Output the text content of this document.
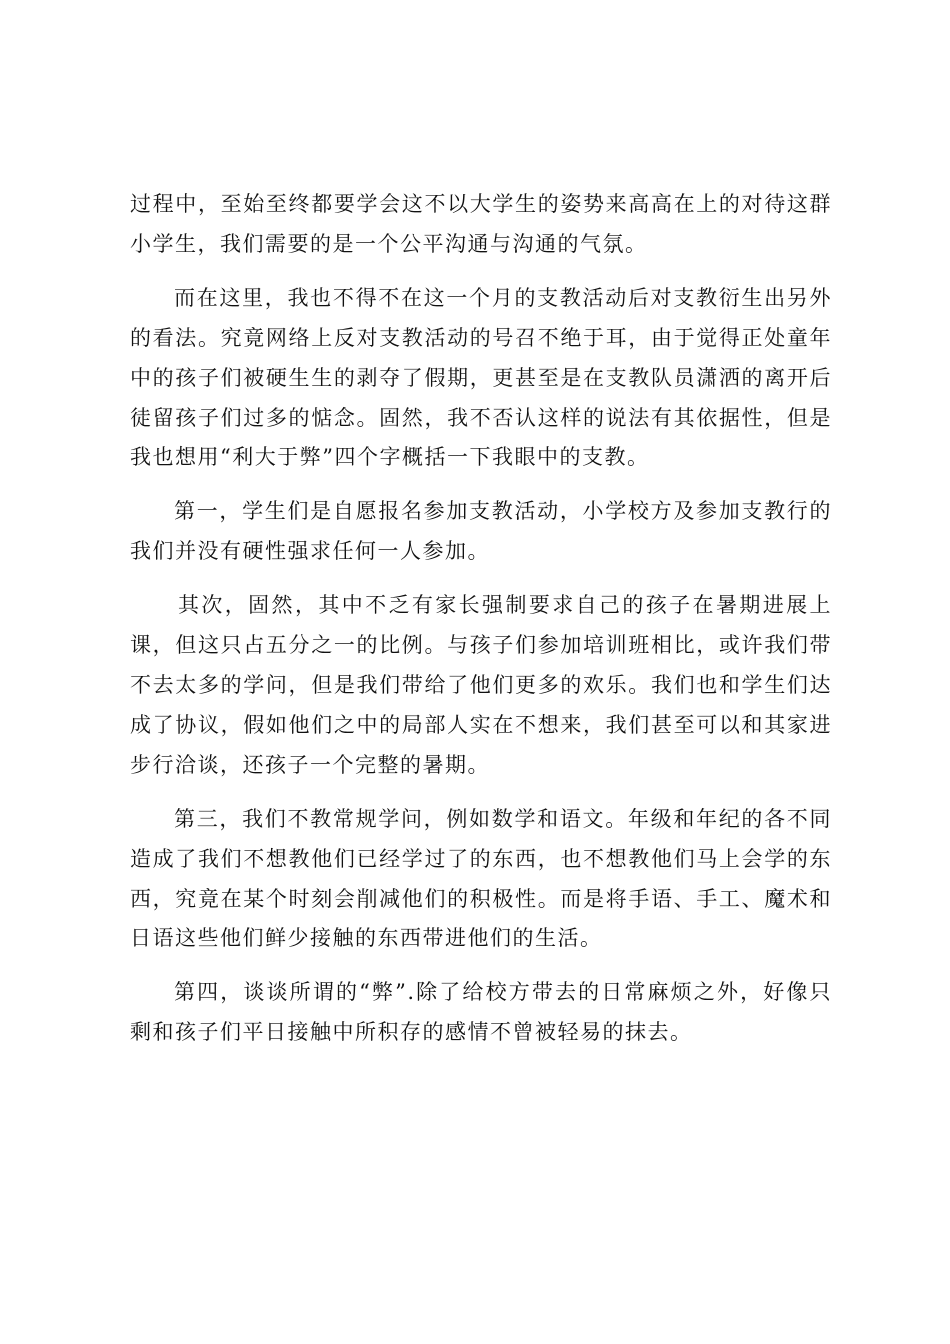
过程中，至始至终都要学会这不以大学生的姿势来高高在上的对待这群小学生，我们需要的是一个公平沟通与沟通的气氛。

而在这里，我也不得不在这一个月的支教活动后对支教衍生出另外的看法。究竟网络上反对支教活动的号召不绝于耳，由于觉得正处童年中的孩子们被硬生生的剥夺了假期，更甚至是在支教队员潇洒的离开后徒留孩子们过多的惦念。固然，我不否认这样的说法有其依据性，但是我也想用“利大于弊”四个字概括一下我眼中的支教。

第一，学生们是自愿报名参加支教活动，小学校方及参加支教行的我们并没有硬性强求任何一人参加。

其次，固然，其中不乏有家长强制要求自己的孩子在暑期进展上课，但这只占五分之一的比例。与孩子们参加培训班相比，或许我们带不去太多的学问，但是我们带给了他们更多的欢乐。我们也和学生们达成了协议，假如他们之中的局部人实在不想来，我们甚至可以和其家进步行洽谈，还孩子一个完整的暑期。

第三，我们不教常规学问，例如数学和语文。年级和年纪的各不同造成了我们不想教他们已经学过了的东西，也不想教他们马上会学的东西，究竟在某个时刻会削减他们的积极性。而是将手语、手工、魔术和日语这些他们鲜少接触的东西带进他们的生活。

第四，谈谈所谓的“弊”.除了给校方带去的日常麻烦之外，好像只剩和孩子们平日接触中所积存的感情不曾被轻易的抹去。
